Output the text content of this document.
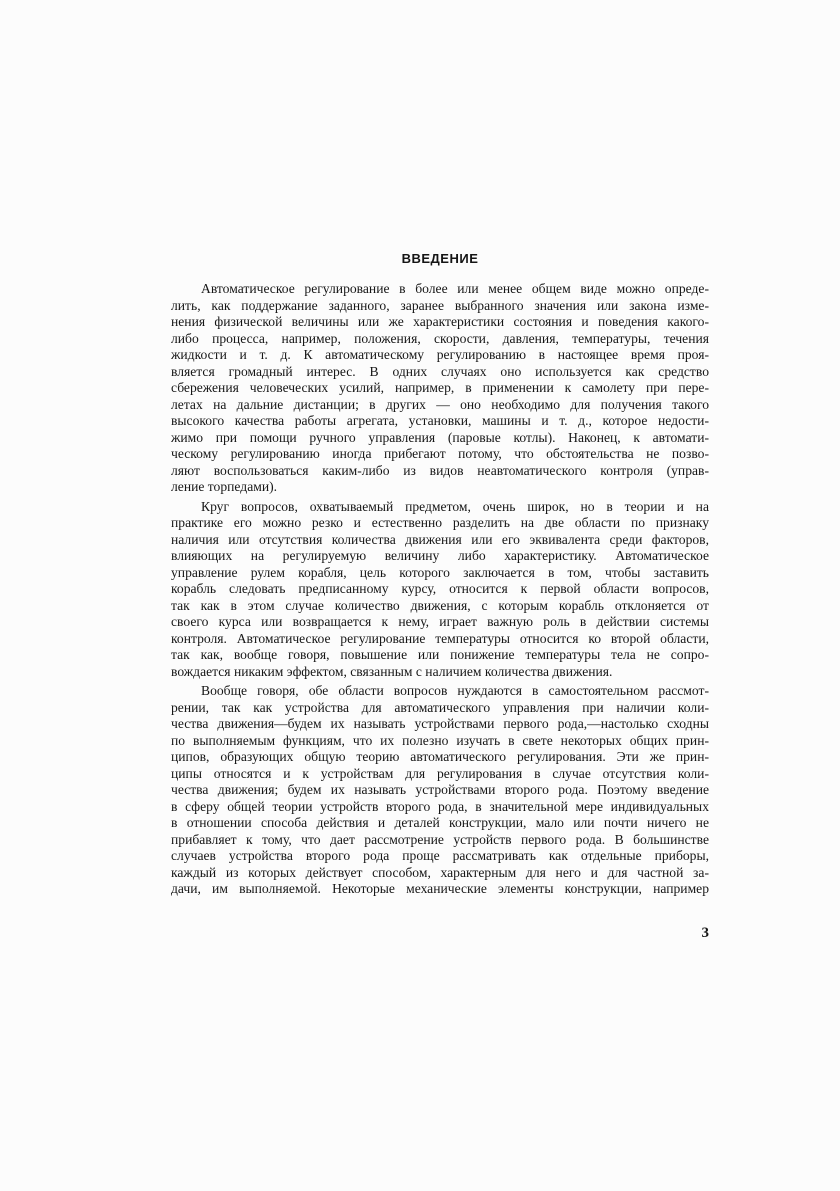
ВВЕДЕНИЕ

Автоматическое регулирование в более или менее общем виде можно опреде-
лить, как поддержание заданного, заранее выбранного значения или закона изме-
нения физической величины или же характеристики состояния и поведения какого-
либо процесса, например, положения, скорости, давления, температуры, течения
жидкости и т. д. К автоматическому регулированию в настоящее время проя-
вляется громадный интерес. В одних случаях оно используется как средство
сбережения человеческих усилий, например, в применении к самолету при пере-
летах на дальние дистанции; в других — оно необходимо для получения такого
высокого качества работы агрегата, установки, машины и т. д., которое недости-
жимо при помощи ручного управления (паровые котлы). Наконец, к автомати-
ческому регулированию иногда прибегают потому, что обстоятельства не позво-
ляют воспользоваться каким-либо из видов неавтоматического контроля (управ-
ление торпедами).

Круг вопросов, охватываемый предметом, очень широк, но в теории и на
практике его можно резко и естественно разделить на две области по признаку
наличия или отсутствия количества движения или его эквивалента среди факторов,
влияющих на регулируемую величину либо характеристику. Автоматическое
управление рулем корабля, цель которого заключается в том, чтобы заставить
корабль следовать предписанному курсу, относится к первой области вопросов,
так как в этом случае количество движения, с которым корабль отклоняется от
своего курса или возвращается к нему, играет важную роль в действии системы
контроля. Автоматическое регулирование температуры относится ко второй области,
так как, вообще говоря, повышение или понижение температуры тела не сопро-
вождается никаким эффектом, связанным с наличием количества движения.

Вообще говоря, обе области вопросов нуждаются в самостоятельном рассмот-
рении, так как устройства для автоматического управления при наличии коли-
чества движения—будем их называть устройствами первого рода,—настолько сходны
по выполняемым функциям, что их полезно изучать в свете некоторых общих прин-
ципов, образующих общую теорию автоматического регулирования. Эти же прин-
ципы относятся и к устройствам для регулирования в случае отсутствия коли-
чества движения; будем их называть устройствами второго рода. Поэтому введение
в сферу общей теории устройств второго рода, в значительной мере индивидуальных
в отношении способа действия и деталей конструкции, мало или почти ничего не
прибавляет к тому, что дает рассмотрение устройств первого рода. В большинстве
случаев устройства второго рода проще рассматривать как отдельные приборы,
каждый из которых действует способом, характерным для него и для частной за-
дачи, им выполняемой. Некоторые механические элементы конструкции, например

3
